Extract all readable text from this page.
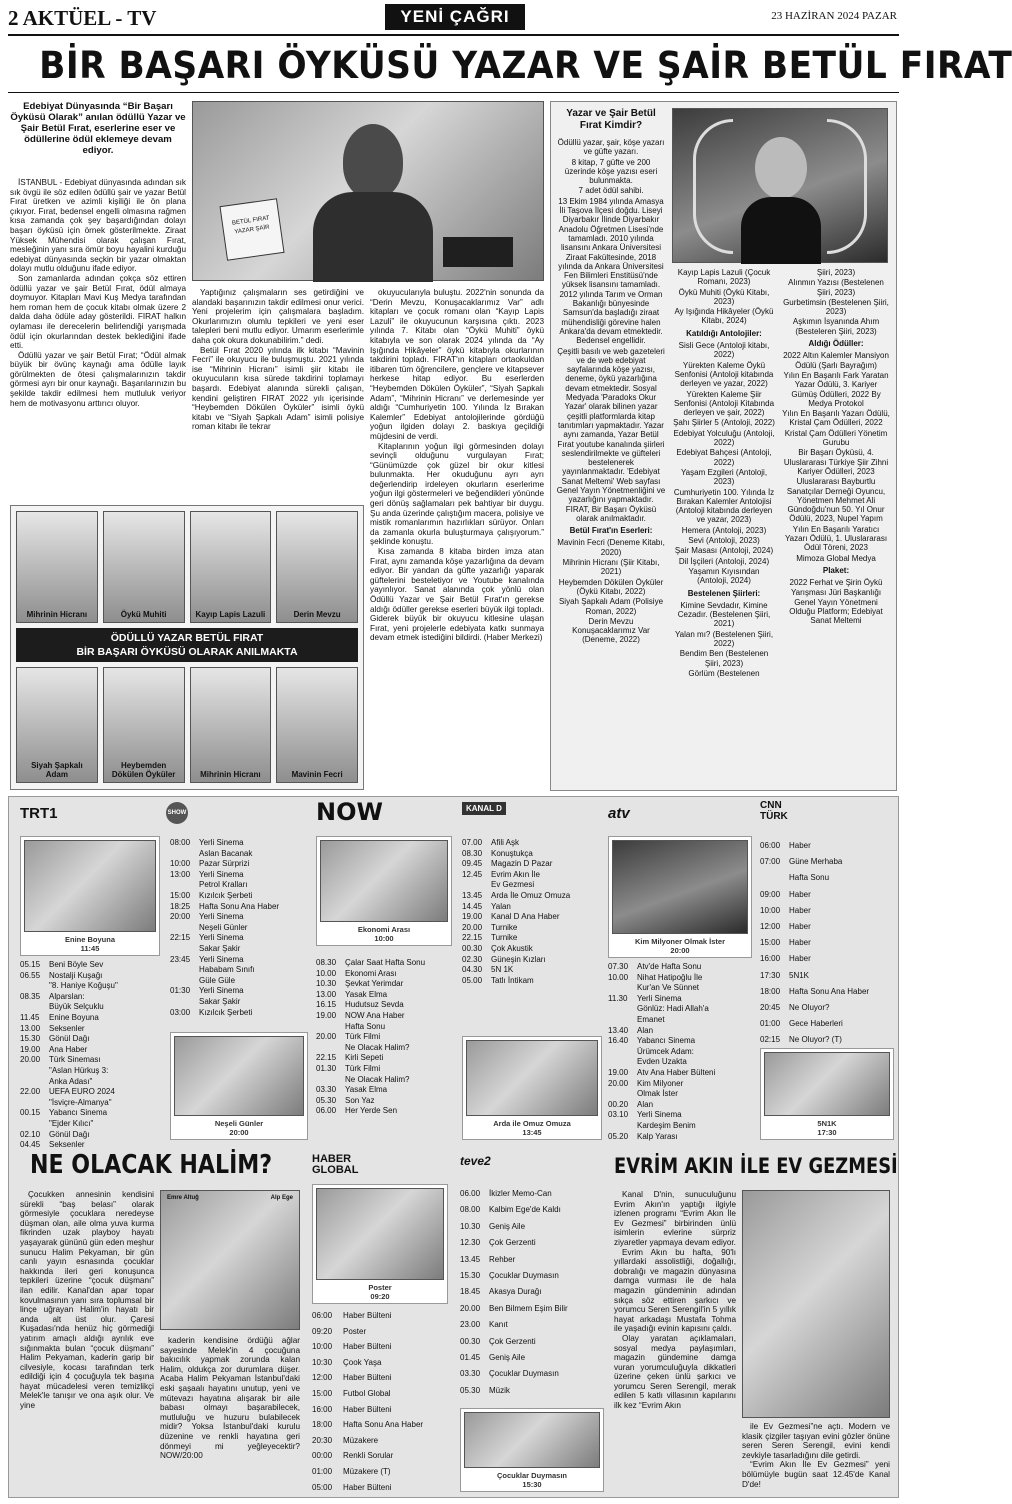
2 AKTÜEL - TV	YENİ ÇAĞRI	23 HAZİRAN 2024 PAZAR
BİR BAŞARI ÖYKÜSÜ YAZAR VE ŞAİR BETÜL FIRAT
Edebiyat Dünyasında “Bir Başarı Öyküsü Olarak” anılan ödüllü Yazar ve Şair Betül Fırat, eserlerine eser ve ödüllerine ödül eklemeye devam ediyor.

İSTANBUL - Edebiyat dünyasında adından sık sık övgü ile söz edilen ödüllü şair ve yazar Betül Fırat üretken ve azimli kişiliği ile ön plana çıkıyor. Fırat, bedensel engelli olmasına rağmen kısa zamanda çok şey başardığından dolayı başarı öyküsü için örnek gösterilmekte. Ziraat Yüksek Mühendisi olarak çalışan Fırat, mesleğinin yanı sıra ömür boyu hayalini kurduğu edebiyat dünyasında seçkin bir yazar olmaktan dolayı mutlu olduğunu ifade ediyor.

Son zamanlarda adından çokça söz ettiren ödüllü yazar ve şair Betül Fırat, ödül almaya doymuyor. Kitapları Mavi Kuş Medya tarafından hem roman hem de çocuk kitabı olmak üzere 2 dalda daha ödüle aday gösterildi. FIRAT halkın oylaması ile derecelerin belirlendiği yarışmada ödül için okurlarından destek beklediğini ifade etti.

Ödüllü yazar ve şair Betül Fırat; “Ödül almak büyük bir övünç kaynağı ama ödülle layık görülmekten de ötesi çalışmalarınızın takdir görmesi ayrı bir onur kaynağı. Başarılarınızın bu şekilde takdir edilmesi hem mutluluk veriyor hem de motivasyonu arttırıcı oluyor.

BETÜL FIRAT
YAZAR ŞAİR

Yaptığınız çalışmaların ses getirdiğini ve alandaki başarınızın takdir edilmesi onur verici. Yeni projelerim için çalışmalara başladım. Okurlarımızın olumlu tepkileri ve yeni eser talepleri beni mutlu ediyor. Umarım eserlerimle daha çok okura dokunabilirim.” dedi.

Betül Fırat 2020 yılında ilk kitabı “Mavinin Fecri” ile okuyucu ile buluşmuştu. 2021 yılında ise “Mihrinin Hicranı” isimli şiir kitabı ile okuyucuların kısa sürede takdirini toplamayı başardı. Edebiyat alanında sürekli çalışan, kendini geliştiren FIRAT 2022 yılı içerisinde “Heybemden Dökülen Öyküler” isimli öykü kitabı ve “Siyah Şapkalı Adam” isimli polisiye roman kitabı ile tekrar

okuyucularıyla buluştu. 2022'nin sonunda da “Derin Mevzu, Konuşacaklarımız Var” adlı kitapları ve çocuk romanı olan “Kayıp Lapis Lazuli” ile okuyucunun karşısına çıktı. 2023 yılında 7. Kitabı olan “Öykü Muhiti” öykü kitabıyla ve son olarak 2024 yılında da “Ay Işığında Hikâyeler” öykü kitabıyla okurlarının takdirini topladı. FIRAT'ın kitapları ortaokuldan itibaren tüm öğrencilere, gençlere ve kitapsever herkese hitap ediyor. Bu eserlerden “Heybemden Dökülen Öyküler”, “Siyah Şapkalı Adam”, “Mihrinin Hicranı” ve derlemesinde yer aldığı “Cumhuriyetin 100. Yılında İz Bırakan Kalemler” Edebiyat antolojilerinde gördüğü yoğun ilgiden dolayı 2. baskıya geçildiği müjdesini de verdi.

Kitaplarının yoğun ilgi görmesinden dolayı sevinçli olduğunu vurgulayan Fırat; “Günümüzde çok güzel bir okur kitlesi bulunmakta. Her okuduğunu ayrı ayrı değerlendirip irdeleyen okurların eserlerime yoğun ilgi göstermeleri ve beğendikleri yönünde geri dönüş sağlamaları pek bahtiyar bir duygu. Şu anda üzerinde çalıştığım macera, polisiye ve mistik romanlarımın hazırlıkları sürüyor. Onları da zamanla okurla buluşturmaya çalışıyorum.” şeklinde konuştu.

Kısa zamanda 8 kitaba birden imza atan Fırat, aynı zamanda köşe yazarlığına da devam ediyor. Bir yandan da güfte yazarlığı yaparak güftelerini besteletiyor ve Youtube kanalında yayınlıyor. Sanat alanında çok yönlü olan Ödüllü Yazar ve Şair Betül Fırat'ın gerekse aldığı ödüller gerekse eserleri büyük ilgi topladı. Giderek büyük bir okuyucu kitlesine ulaşan Fırat, yeni projelerle edebiyata katkı sunmaya devam etmek istediğini bildirdi. (Haber Merkezi)

Mihrinin Hicranı	Öykü Muhiti	Kayıp Lapis Lazuli	Derin Mevzu
ÖDÜLLÜ YAZAR BETÜL FIRAT
BİR BAŞARI ÖYKÜSÜ OLARAK ANILMAKTA
Siyah Şapkalı Adam
Heybemden Dökülen Öyküler	Mihrinin Hicranı	Mavinin Fecri
Yazar ve Şair Betül Fırat Kimdir?
Ödüllü yazar, şair, köşe yazarı ve güfte yazarı.
8 kitap, 7 güfte ve 200 üzerinde köşe yazısı eseri bulunmakta.
7 adet ödül sahibi.
13 Ekim 1984 yılında Amasya İli Taşova İlçesi doğdu. Liseyi Diyarbakır İlinde Diyarbakır Anadolu Öğretmen Lisesi'nde tamamladı. 2010 yılında lisansını Ankara Üniversitesi Ziraat Fakültesinde, 2018 yılında da Ankara Üniversitesi Fen Bilimleri Enstitüsü'nde yüksek lisansını tamamladı. 2012 yılında Tarım ve Orman Bakanlığı bünyesinde Samsun'da başladığı ziraat mühendisliği görevine halen Ankara'da devam etmektedir. Bedensel engellidir.
Çeşitli basılı ve web gazeteleri ve de web edebiyat sayfalarında köşe yazısı, deneme, öykü yazarlığına devam etmektedir. Sosyal Medyada 'Paradoks Okur Yazar' olarak bilinen yazar çeşitli platformlarda kitap tanıtımları yapmaktadır. Yazar aynı zamanda, Yazar Betül Fırat youtube kanalında şiirleri seslendirilmekte ve güfteleri bestelenerek yayınlanmaktadır. 'Edebiyat Sanat Meltemi' Web sayfası Genel Yayın Yönetmenliğini ve yazarlığını yapmaktadır. FIRAT, Bir Başarı Öyküsü olarak anılmaktadır.
Betül Fırat'ın Eserleri:
Mavinin Fecri (Deneme Kitabı, 2020)
Mihrinin Hicranı (Şiir Kitabı, 2021)
Heybemden Dökülen Öyküler (Öykü Kitabı, 2022)
Siyah Şapkalı Adam (Polisiye Roman, 2022)
Derin Mevzu Konuşacaklarımız Var (Deneme, 2022)
Kayıp Lapis Lazuli (Çocuk Romanı, 2023)
Öykü Muhiti (Öykü Kitabı, 2023)
Ay Işığında Hikâyeler (Öykü Kitabı, 2024)
Katıldığı Antolojiler:
Sisli Gece (Antoloji kitabı, 2022)
Yürekten Kaleme Öykü Senfonisi (Antoloji kitabında derleyen ve yazar, 2022)
Yürekten Kaleme Şiir Senfonisi (Antoloji Kitabında derleyen ve şair, 2022)
Şahı Şiirler 5 (Antoloji, 2022)
Edebiyat Yolculuğu (Antoloji, 2022)
Edebiyat Bahçesi (Antoloji, 2022)
Yaşam Ezgileri (Antoloji, 2023)
Cumhuriyetin 100. Yılında İz Bırakan Kalemler Antolojisi (Antoloji kitabında derleyen ve yazar, 2023)
Hemera (Antoloji, 2023)
Sevi (Antoloji, 2023)
Şair Masası (Antoloji, 2024)
Dil İşçileri (Antoloji, 2024)
Yaşamın Kıyısından (Antoloji, 2024)
Bestelenen Şiirleri:
Kimine Sevdadır, Kimine Cezadır. (Bestelenen Şiiri, 2021)
Yalan mı? (Bestelenen Şiiri, 2022)
Bendim Ben (Bestelenen Şiiri, 2023)
Görlüm (Bestelenen
Şiiri, 2023)
Alınmın Yazısı (Bestelenen Şiiri, 2023)
Gurbetimsin (Bestelenen Şiiri, 2023)
Aşkımın İsyanında Ahım (Besteleren Şiiri, 2023)
Aldığı Ödüller:
2022 Altın Kalemler Mansiyon Ödülü (Şarlı Bayrağım)
Yılın En Başarılı Fark Yaratan Yazar Ödülü, 3. Kariyer Gümüş Ödülleri, 2022 By Medya Protokol
Yılın En Başarılı Yazarı Ödülü, Kristal Çam Ödülleri, 2022
Kristal Çam Ödülleri Yönetim Gurubu
Bir Başarı Öyküsü, 4. Uluslararası Türkiye Şiir Zihni Kariyer Ödülleri, 2023
Uluslararası Bayburtlu Sanatçılar Derneği Oyuncu, Yönetmen Mehmet Ali Gündoğdu'nun 50. Yıl Onur Ödülü, 2023, Nupel Yapım
Yılın En Başarılı Yaratıcı Yazarı Ödülü, 1. Uluslararası Ödül Töreni, 2023
Mimoza Global Medya
Plaket:
2022 Ferhat ve Şirin Öykü Yarışması Jüri Başkanlığı
Genel Yayın Yönetmeni Olduğu Platform; Edebiyat Sanat Meltemi
TRT1
Enine Boyuna
11:45
05.15	Beni Böyle Sev
06.55	Nostalji Kuşağı
"8. Haniye Koğuşu"
08.35	Alparslan:
Büyük Selçuklu
11.45	Enine Boyuna
13.00	Seksenler
15.30	Gönül Dağı
19.00	Ana Haber
20.00	Türk Sineması
"Aslan Hürkuş 3:
Anka Adası"
22.00	UEFA EURO 2024
"İsviçre-Almanya"
00.15	Yabancı Sinema
"Ejder Kılıcı"
02.10	Gönül Dağı
04.45	Seksenler
SHOW
08:00	Yerli Sinema
Aslan Bacanak
10:00	Pazar Sürprizi
13:00	Yerli Sinema
Petrol Kralları
15:00	Kızılcık Şerbeti
18:25	Hafta Sonu Ana Haber
20:00	Yerli Sinema
Neşeli Günler
22:15	Yerli Sinema
Sakar Şakir
23:45	Yerli Sinema
Hababam Sınıfı
Güle Güle
01:30	Yerli Sinema
Sakar Şakir
03:00	Kızılcık Şerbeti
Neşeli Günler
20:00
NOW
Ekonomi Arası
10:00
08.30	Çalar Saat Hafta Sonu
10.00	Ekonomi Arası
10.30	Şevkat Yerimdar
13.00	Yasak Elma
16.15	Hudutsuz Sevda
19.00	NOW Ana Haber
Hafta Sonu
20.00	Türk Filmi
Ne Olacak Halim?
22.15	Kirli Sepeti
01.30	Türk Filmi
Ne Olacak Halim?
03.30	Yasak Elma
05.30	Son Yaz
06.00	Her Yerde Sen
KANAL D
07.00	Afili Aşk
08.30	Konuştukça
09.45	Magazin D Pazar
12.45	Evrim Akın İle
Ev Gezmesi
13.45	Arda İle Omuz Omuza
14.45	Yalan
19.00	Kanal D Ana Haber
20.00	Turnike
22.15	Turnike
00.30	Çok Akustik
02.30	Güneşin Kızları
04.30	5N 1K
05.00	Tatlı İntikam
Arda ile Omuz Omuza
13:45
atv
Kim Milyoner Olmak İster
20:00
07.30	Atv'de Hafta Sonu
10.00	Nihat Hatipoğlu İle
Kur'an Ve Sünnet
11.30	Yerli Sinema
Gönlüz: Hadi Allah'a
Emanet
13.40	Alan
16.40	Yabancı Sinema
Ürümcek Adam:
Evden Uzakta
19.00	Atv Ana Haber Bülteni
20.00	Kim Milyoner
Olmak İster
00.20	Alan
03.10	Yerli Sinema
Kardeşim Benim
05.20	Kalp Yarası
CNN TÜRK
06:00	Haber
07:00	Güne Merhaba
Hafta Sonu
09:00	Haber
10:00	Haber
12:00	Haber
15:00	Haber
16:00	Haber
17:30	5N1K
18:00	Hafta Sonu Ana Haber
20:45	Ne Oluyor?
01:00	Gece Haberleri
02:15	Ne Oluyor? (T)
5N1K
17:30
NE OLACAK HALİM?

Çocukken annesinin kendisini sürekli “baş belası” olarak görmesiyle çocuklara neredeyse düşman olan, aile olma yuva kurma fikrinden uzak playboy hayatı yaşayarak gününü gün eden meşhur sunucu Halim Pekyaman, bir gün canlı yayın esnasında çocuklar hakkında ileri geri konuşunca tepkileri üzerine “çocuk düşmanı” ilan edilir. Kanal'dan apar topar kovulmasının yanı sıra toplumsal bir linçe uğrayan Halim'in hayatı bir anda alt üst olur. Çaresi Kuşadası'nda henüz hiç görmediği yatırım amaçlı aldığı ayrılık eve sığınmakta bulan “çocuk düşmanı” Halim Pekyaman, kaderin garip bir cilvesiyle, kocası tarafından terk edildiği için 4 çocuğuyla tek başına hayat mücadelesi veren temizlikçi Melek'le tanışır ve ona aşık olur. Ve yine

Emre Altuğ	Alp Ege

kaderin kendisine ördüğü ağlar sayesinde Melek'in 4 çocuğuna bakıcılık yapmak zorunda kalan Halim, oldukça zor durumlara düşer. Acaba Halim Pekyaman İstanbul'daki eski şaşaalı hayatını unutup, yeni ve mütevazı hayatına alışarak bir aile babası olmayı başarabilecek, mutluluğu ve huzuru bulabilecek midir? Yoksa İstanbul'daki kurulu düzenine ve renkli hayatına geri dönmeyi mi yeğleyecektir? NOW/20:00

HABER
GLOBAL
Poster
09:20
06:00	Haber Bülteni
09:20	Poster
10:00	Haber Bülteni
10:30	Çook Yaşa
12:00	Haber Bülteni
15:00	Futbol Global
16:00	Haber Bülteni
18:00	Hafta Sonu Ana Haber
20:30	Müzakere
00:00	Renkli Sorular
01:00	Müzakere (T)
05:00	Haber Bülteni
teve2
06.00	İkizler Memo-Can
08.00	Kalbim Ege'de Kaldı
10.30	Geniş Aile
12.30	Çok Gerzenti
13.45	Rehber
15.30	Çocuklar Duymasın
18.45	Akasya Durağı
20.00	Ben Bilmem Eşim Bilir
23.00	Kanıt
00.30	Çok Gerzenti
01.45	Geniş Aile
03.30	Çocuklar Duymasın
05.30	Müzik
Çocuklar Duymasın
15:30
EVRİM AKIN İLE EV GEZMESİ

Kanal D'nin, sunuculuğunu Evrim Akın'ın yaptığı ilgiyle izlenen programı “Evrim Akın İle Ev Gezmesi” birbirinden ünlü isimlerin evlerine sürpriz ziyaretler yapmaya devam ediyor.

Evrim Akın bu hafta, 90'lı yıllardaki assolistliği, doğallığı, dobralığı ve magazin dünyasına damga vurması ile de hala magazin gündeminin adından sıkça söz ettiren şarkıcı ve yorumcu Seren Serengil'in 5 yıllık hayat arkadaşı Mustafa Tohma ile yaşadığı evinin kapısını çaldı.

Olay yaratan açıklamaları, sosyal medya paylaşımları, magazin gündemine damga vuran yorumculuğuyla dikkatleri üzerine çeken ünlü şarkıcı ve yorumcu Seren Serengil, merak edilen 5 katlı villasının kapılarını ilk kez “Evrim Akın

ile Ev Gezmesi”ne açtı. Modern ve klasik çizgiler taşıyan evini gözler önüne seren Seren Serengil, evini kendi zevkiyle tasarladığını dile getirdi.

“Evrim Akın İle Ev Gezmesi” yeni bölümüyle bugün saat 12.45'de Kanal D'de!
